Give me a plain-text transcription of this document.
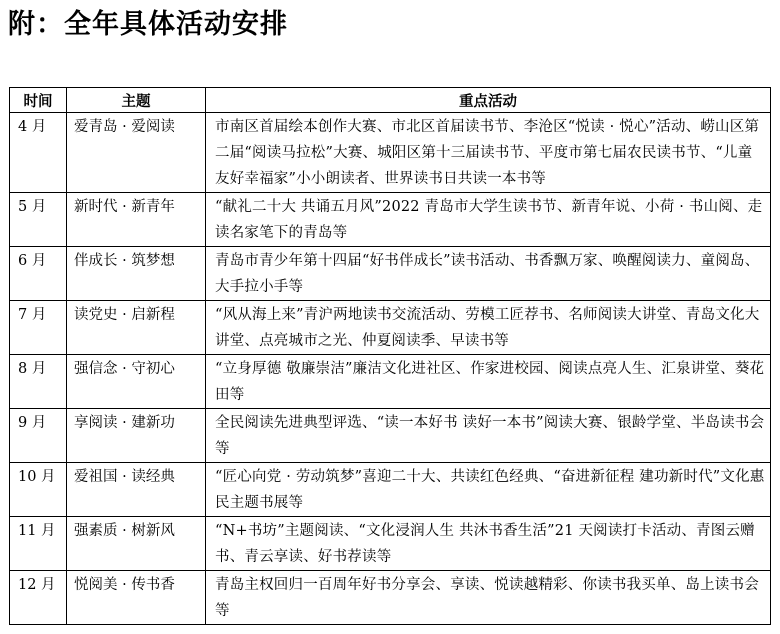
附：全年具体活动安排
时间	主题	重点活动
4 月	爱青岛 · 爱阅读	市南区首届绘本创作大赛、市北区首届读书节、李沧区“悦读 · 悦心”活动、崂山区第二届“阅读马拉松”大赛、城阳区第十三届读书节、平度市第七届农民读书节、“儿童友好幸福家”小小朗读者、世界读书日共读一本书等
5 月	新时代 · 新青年	“献礼二十大 共诵五月风”2022 青岛市大学生读书节、新青年说、小荷 · 书山阅、走读名家笔下的青岛等
6 月	伴成长 · 筑梦想	青岛市青少年第十四届“好书伴成长”读书活动、书香飘万家、唤醒阅读力、童阅岛、大手拉小手等
7 月	读党史 · 启新程	“风从海上来”青沪两地读书交流活动、劳模工匠荐书、名师阅读大讲堂、青岛文化大讲堂、点亮城市之光、仲夏阅读季、早读书等
8 月	强信念 · 守初心	“立身厚德 敬廉崇洁”廉洁文化进社区、作家进校园、阅读点亮人生、汇泉讲堂、葵花田等
9 月	享阅读 · 建新功	全民阅读先进典型评选、“读一本好书 读好一本书”阅读大赛、银龄学堂、半岛读书会等
10 月	爱祖国 · 读经典	“匠心向党 · 劳动筑梦”喜迎二十大、共读红色经典、“奋进新征程 建功新时代”文化惠民主题书展等
11 月	强素质 · 树新风	“N+书坊”主题阅读、“文化浸润人生 共沐书香生活”21 天阅读打卡活动、青图云赠书、青云享读、好书荐读等
12 月	悦阅美 · 传书香	青岛主权回归一百周年好书分享会、享读、悦读越精彩、你读书我买单、岛上读书会等
